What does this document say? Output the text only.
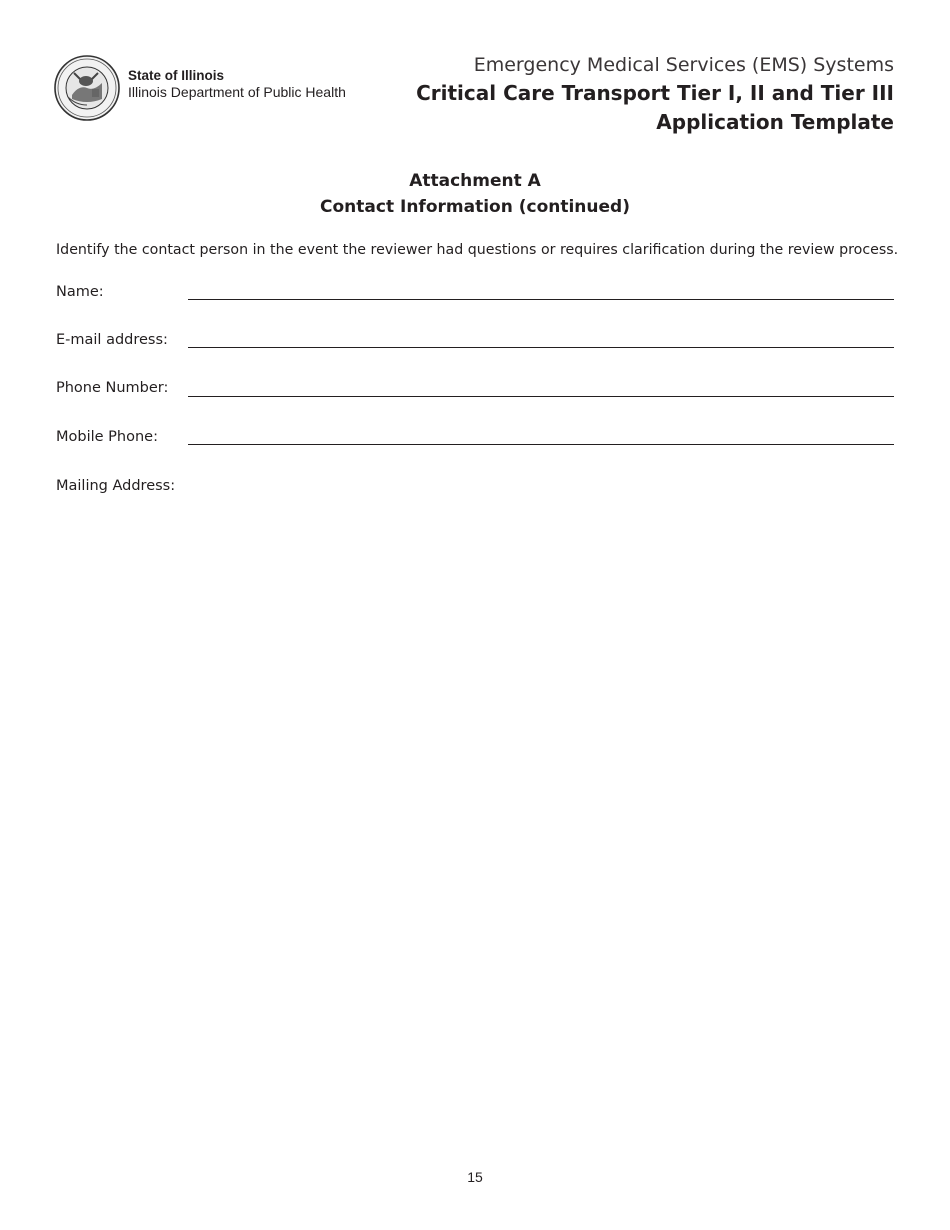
State of Illinois
Illinois Department of Public Health
Emergency Medical Services (EMS) Systems
Critical Care Transport Tier I, II and Tier III
Application Template
Attachment A
Contact Information (continued)
Identify the contact person in the event the reviewer had questions or requires clarification during the review process.
Name:
E-mail address:
Phone Number:
Mobile Phone:
Mailing Address:
15
